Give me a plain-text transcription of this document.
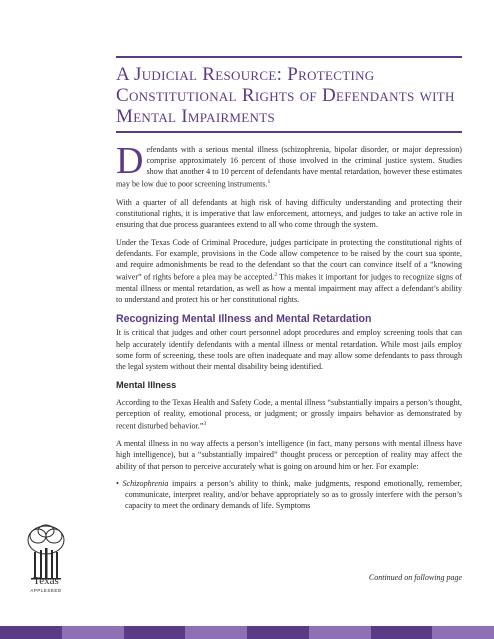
A Judicial Resource: Protecting Constitutional Rights of Defendants with Mental Impairments

Defendants with a serious mental illness (schizophrenia, bipolar disorder, or major depression) comprise approximately 16 percent of those involved in the criminal justice system. Studies show that another 4 to 10 percent of defendants have mental retardation, however these estimates may be low due to poor screening instruments.$^1$

With a quarter of all defendants at high risk of having difficulty understanding and protecting their constitutional rights, it is imperative that law enforcement, attorneys, and judges to take an active role in ensuring that due process guarantees extend to all who come through the system.

Under the Texas Code of Criminal Procedure, judges participate in protecting the constitutional rights of defendants. For example, provisions in the Code allow competence to be raised by the court sua sponte, and require admonishments be read to the defendant so that the court can convince itself of a “knowing waiver” of rights before a plea may be accepted.$^2$ This makes it important for judges to recognize signs of mental illness or mental retardation, as well as how a mental impairment may affect a defendant’s ability to understand and protect his or her constitutional rights.

Recognizing Mental Illness and Mental Retardation

It is critical that judges and other court personnel adopt procedures and employ screening tools that can help accurately identify defendants with a mental illness or mental retardation. While most jails employ some form of screening, these tools are often inadequate and may allow some defendants to pass through the legal system without their mental disability being identified.

Mental Illness

According to the Texas Health and Safety Code, a mental illness “substantially impairs a person’s thought, perception of reality, emotional process, or judgment; or grossly impairs behavior as demonstrated by recent disturbed behavior.”$^3$

A mental illness in no way affects a person’s intelligence (in fact, many persons with mental illness have high intelligence), but a “substantially impaired” thought process or perception of reality may affect the ability of that person to perceive accurately what is going on around him or her. For example:

• Schizophrenia impairs a person’s ability to think, make judgments, respond emotionally, remember, communicate, interpret reality, and/or behave appropriately so as to grossly interfere with the person’s capacity to meet the ordinary demands of life. Symptoms

Continued on following page
Texas
APPLESEED
